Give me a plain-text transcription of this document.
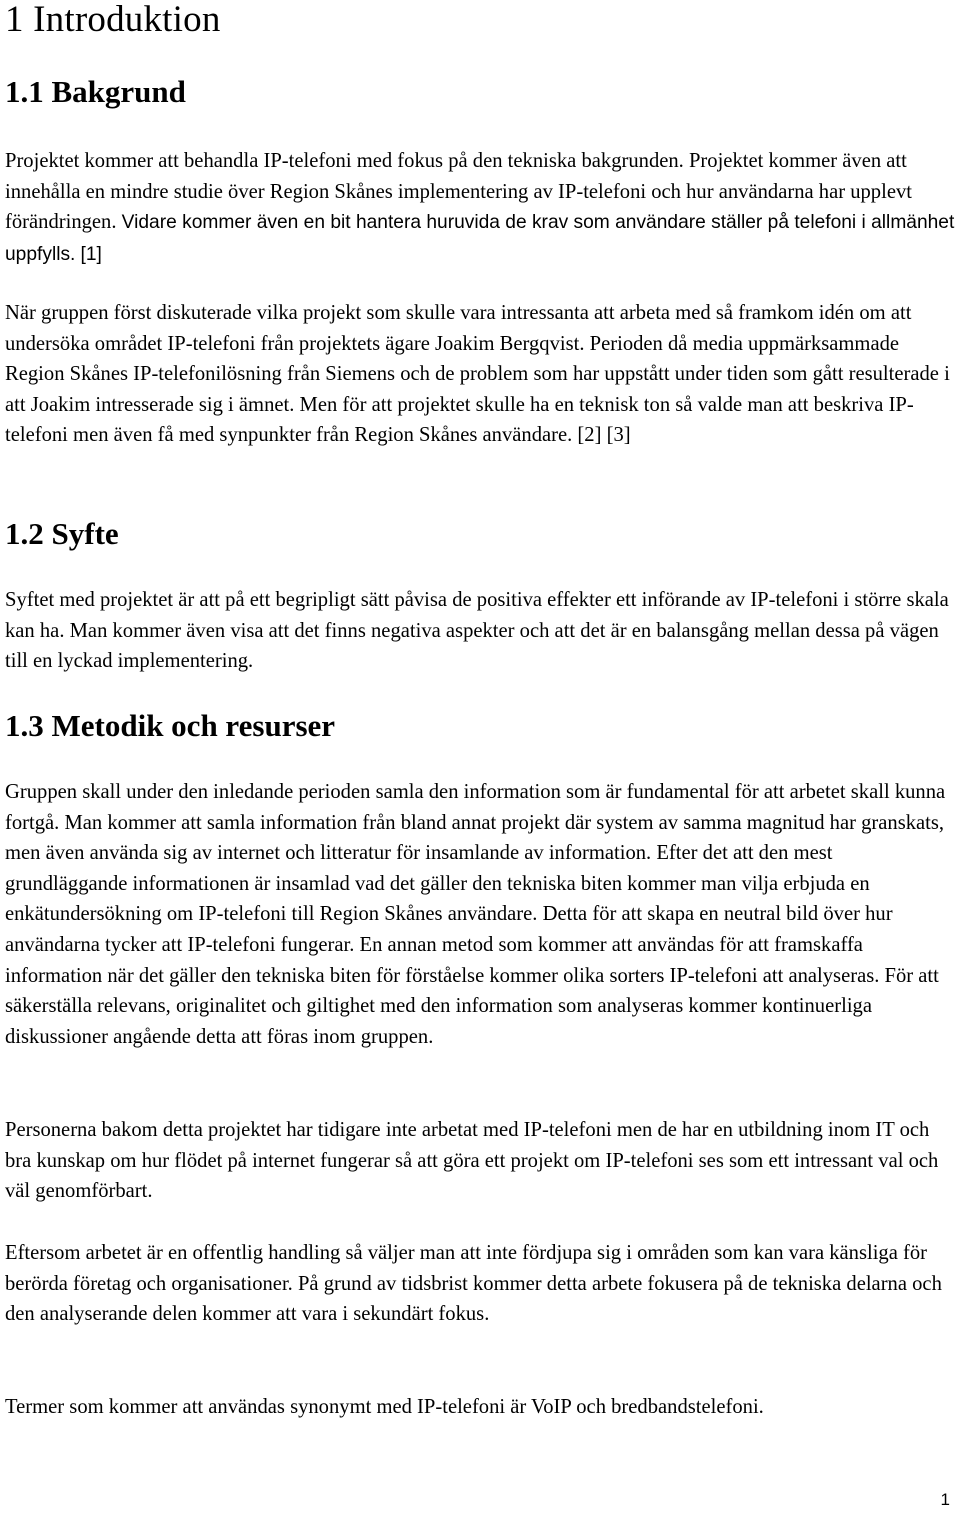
1 Introduktion
1.1 Bakgrund

Projektet kommer att behandla IP-telefoni med fokus på den tekniska bakgrunden. Projektet kommer även att innehålla en mindre studie över Region Skånes implementering av IP-telefoni och hur användarna har upplevt förändringen. Vidare kommer även en bit hantera huruvida de krav som användare ställer på telefoni i allmänhet uppfylls. [1]

När gruppen först diskuterade vilka projekt som skulle vara intressanta att arbeta med så framkom idén om att undersöka området IP-telefoni från projektets ägare Joakim Bergqvist. Perioden då media uppmärksammade Region Skånes IP-telefonilösning från Siemens och de problem som har uppstått under tiden som gått resulterade i att Joakim intresserade sig i ämnet. Men för att projektet skulle ha en teknisk ton så valde man att beskriva IP-telefoni men även få med synpunkter från Region Skånes användare. [2] [3]

1.2 Syfte

Syftet med projektet är att på ett begripligt sätt påvisa de positiva effekter ett införande av IP-telefoni i större skala kan ha. Man kommer även visa att det finns negativa aspekter och att det är en balansgång mellan dessa på vägen till en lyckad implementering.

1.3 Metodik och resurser

Gruppen skall under den inledande perioden samla den information som är fundamental för att arbetet skall kunna fortgå. Man kommer att samla information från bland annat projekt där system av samma magnitud har granskats, men även använda sig av internet och litteratur för insamlande av information. Efter det att den mest grundläggande informationen är insamlad vad det gäller den tekniska biten kommer man vilja erbjuda en enkätundersökning om IP-telefoni till Region Skånes användare. Detta för att skapa en neutral bild över hur användarna tycker att IP-telefoni fungerar. En annan metod som kommer att användas för att framskaffa information när det gäller den tekniska biten för förståelse kommer olika sorters IP-telefoni att analyseras. För att säkerställa relevans, originalitet och giltighet med den information som analyseras kommer kontinuerliga diskussioner angående detta att föras inom gruppen.

Personerna bakom detta projektet har tidigare inte arbetat med IP-telefoni men de har en utbildning inom IT och bra kunskap om hur flödet på internet fungerar så att göra ett projekt om IP-telefoni ses som ett intressant val och väl genomförbart.

Eftersom arbetet är en offentlig handling så väljer man att inte fördjupa sig i områden som kan vara känsliga för berörda företag och organisationer. På grund av tidsbrist kommer detta arbete fokusera på de tekniska delarna och den analyserande delen kommer att vara i sekundärt fokus.

Termer som kommer att användas synonymt med IP-telefoni är VoIP och bredbandstelefoni.

1
